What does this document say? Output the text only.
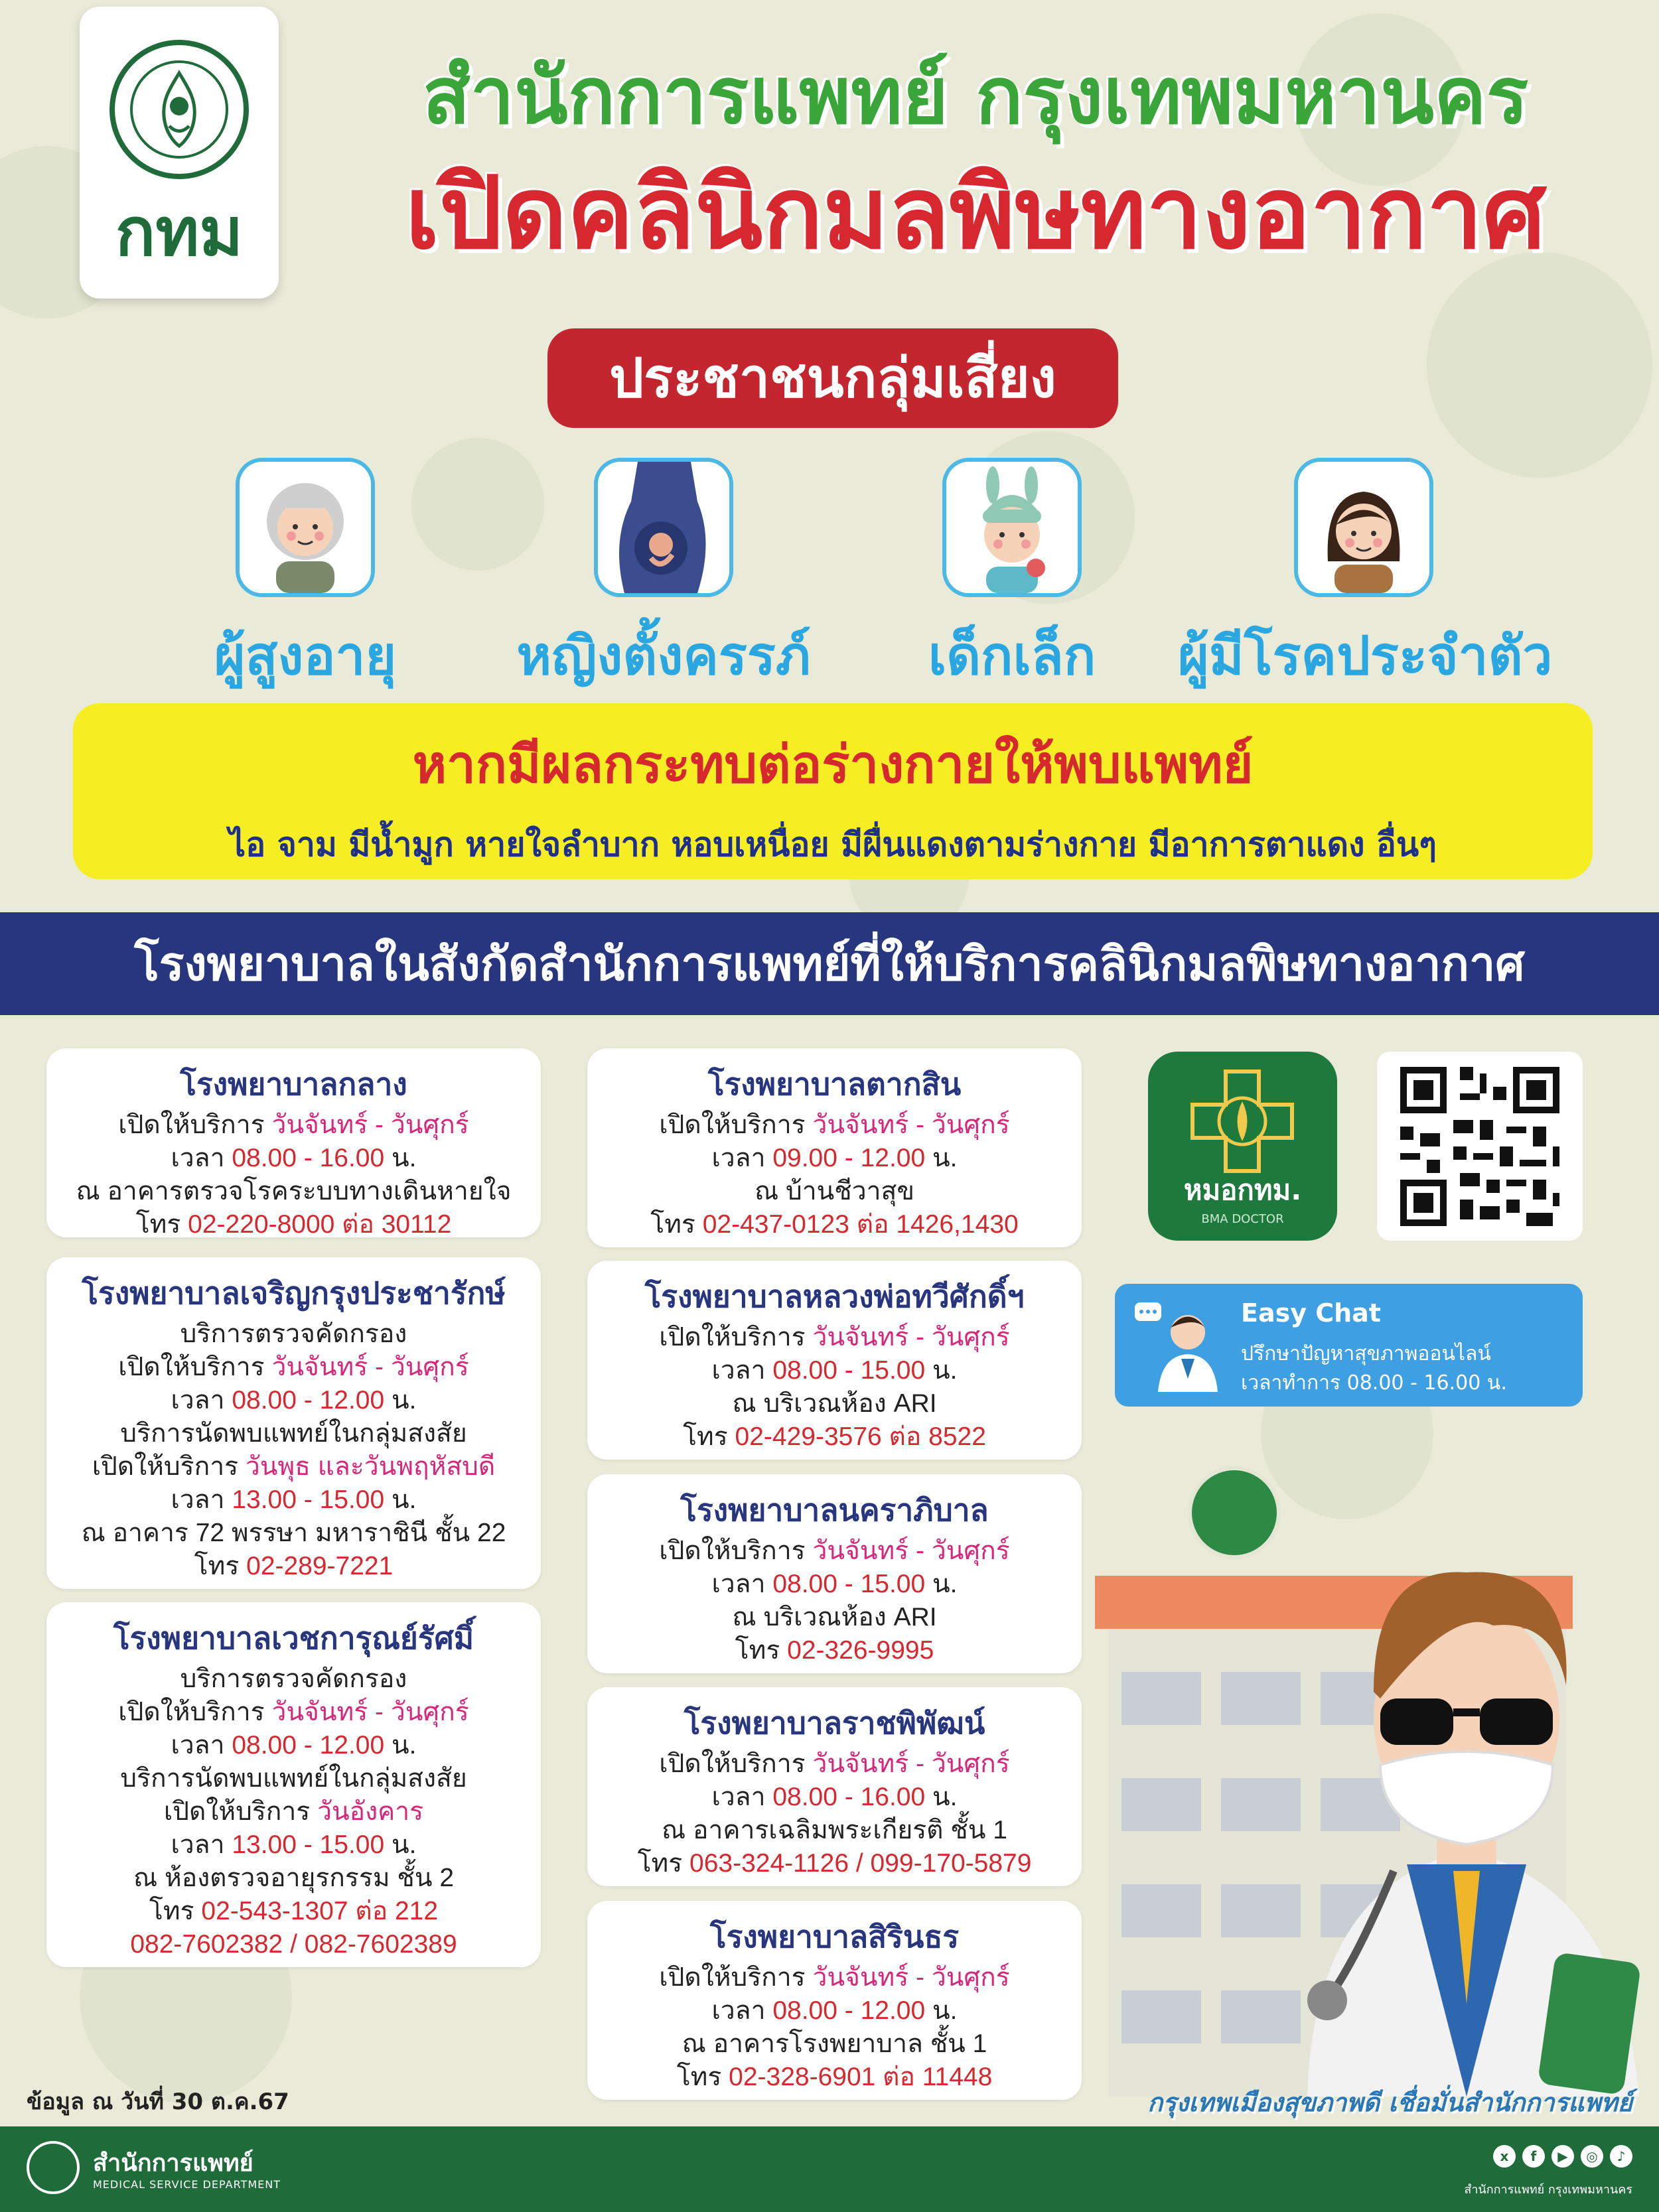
กทม
สำนักการแพทย์ กรุงเทพมหานคร
เปิดคลินิกมลพิษทางอากาศ
ประชาชนกลุ่มเสี่ยง
ผู้สูงอายุ	หญิงตั้งครรภ์	เด็กเล็ก	ผู้มีโรคประจำตัว
หากมีผลกระทบต่อร่างกายให้พบแพทย์
ไอ จาม มีน้ำมูก หายใจลำบาก หอบเหนื่อย มีผื่นแดงตามร่างกาย มีอาการตาแดง อื่นๆ
โรงพยาบาลในสังกัดสำนักการแพทย์ที่ให้บริการคลินิกมลพิษทางอากาศ
โรงพยาบาลกลาง
เปิดให้บริการ วันจันทร์ - วันศุกร์
เวลา 08.00 - 16.00 น.
ณ อาคารตรวจโรคระบบทางเดินหายใจ
โทร 02-220-8000 ต่อ 30112
โรงพยาบาลเจริญกรุงประชารักษ์
บริการตรวจคัดกรอง
เปิดให้บริการ วันจันทร์ - วันศุกร์
เวลา 08.00 - 12.00 น.
บริการนัดพบแพทย์ในกลุ่มสงสัย
เปิดให้บริการ วันพุธ และวันพฤหัสบดี
เวลา 13.00 - 15.00 น.
ณ อาคาร 72 พรรษา มหาราชินี ชั้น 22
โทร 02-289-7221
โรงพยาบาลเวชการุณย์รัศมิ์
บริการตรวจคัดกรอง
เปิดให้บริการ วันจันทร์ - วันศุกร์
เวลา 08.00 - 12.00 น.
บริการนัดพบแพทย์ในกลุ่มสงสัย
เปิดให้บริการ วันอังคาร
เวลา 13.00 - 15.00 น.
ณ ห้องตรวจอายุรกรรม ชั้น 2
โทร 02-543-1307 ต่อ 212
082-7602382 / 082-7602389
โรงพยาบาลตากสิน
เปิดให้บริการ วันจันทร์ - วันศุกร์
เวลา 09.00 - 12.00 น.
ณ บ้านชีวาสุข
โทร 02-437-0123 ต่อ 1426,1430
โรงพยาบาลหลวงพ่อทวีศักดิ์ฯ
เปิดให้บริการ วันจันทร์ - วันศุกร์
เวลา 08.00 - 15.00 น.
ณ บริเวณห้อง ARI
โทร 02-429-3576 ต่อ 8522
โรงพยาบาลนคราภิบาล
เปิดให้บริการ วันจันทร์ - วันศุกร์
เวลา 08.00 - 15.00 น.
ณ บริเวณห้อง ARI
โทร 02-326-9995
โรงพยาบาลราชพิพัฒน์
เปิดให้บริการ วันจันทร์ - วันศุกร์
เวลา 08.00 - 16.00 น.
ณ อาคารเฉลิมพระเกียรติ ชั้น 1
โทร 063-324-1126 / 099-170-5879
โรงพยาบาลสิรินธร
เปิดให้บริการ วันจันทร์ - วันศุกร์
เวลา 08.00 - 12.00 น.
ณ อาคารโรงพยาบาล ชั้น 1
โทร 02-328-6901 ต่อ 11448
หมอกทม.
BMA DOCTOR
Easy Chat
ปรึกษาปัญหาสุขภาพออนไลน์
เวลาทำการ 08.00 - 16.00 น.
ข้อมูล ณ วันที่ 30 ต.ค.67	กรุงเทพเมืองสุขภาพดี เชื่อมั่นสำนักการแพทย์
สำนักการแพทย์
MEDICAL SERVICE DEPARTMENT
x	f	▶	◎	♪
สำนักการแพทย์ กรุงเทพมหานคร
